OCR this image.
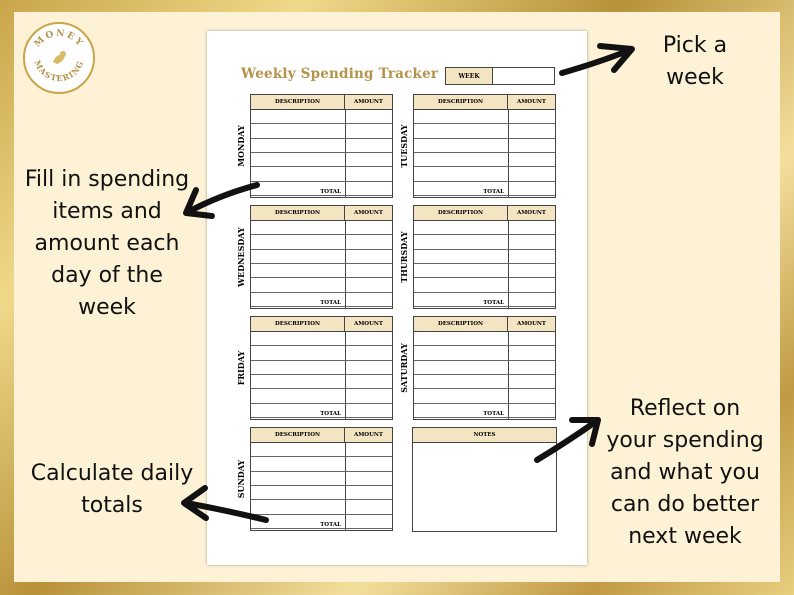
MONEY
MASTERING
Weekly Spending Tracker	WEEK
DESCRIPTION	AMOUNT
TOTAL
MONDAY
DESCRIPTION	AMOUNT
TOTAL
TUESDAY
DESCRIPTION	AMOUNT
TOTAL
WEDNESDAY
DESCRIPTION	AMOUNT
TOTAL
THURSDAY
DESCRIPTION	AMOUNT
TOTAL
FRIDAY
DESCRIPTION	AMOUNT
TOTAL
SATURDAY
DESCRIPTION	AMOUNT
TOTAL
SUNDAY
NOTES
Pick a
week
Fill in spending
items and
amount each
day of the
week
Calculate daily
totals
Reflect on
your spending
and what you
can do better
next week
